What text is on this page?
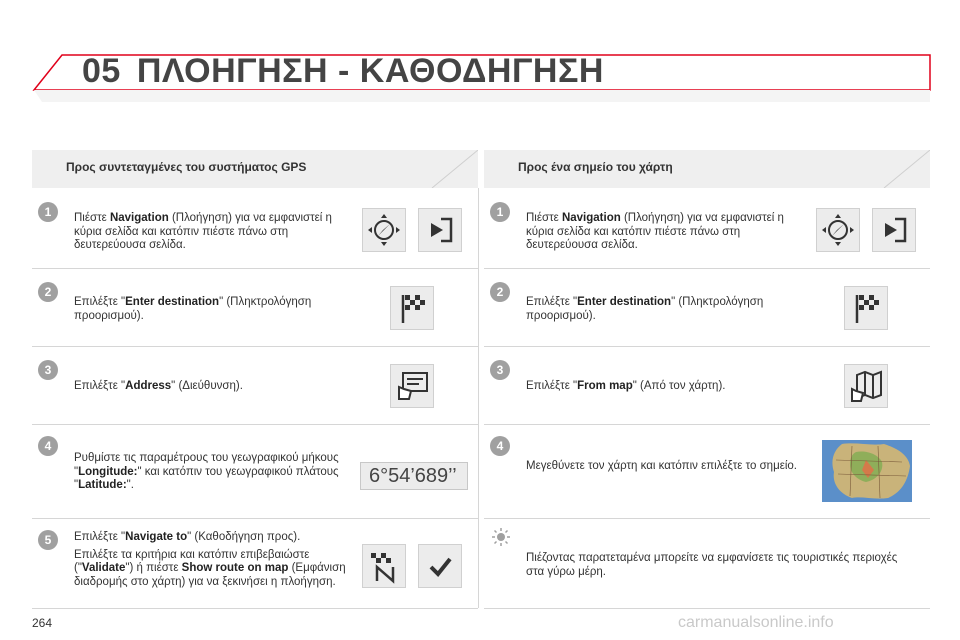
05 ΠΛΟΗΓΗΣΗ - ΚΑΘΟΔΗΓΗΣΗ
Προς συντεταγμένες του συστήματος GPS
1	Πιέστε Navigation (Πλοήγηση) για να εμφανιστεί η κύρια σελίδα και κατόπιν πιέστε πάνω στη δευτερεύουσα σελίδα.
2
Επιλέξτε "Enter destination" (Πληκτρολόγηση προορισμού).
3
Επιλέξτε "Address" (Διεύθυνση).
4
Ρυθμίστε τις παραμέτρους του γεωγραφικού μήκους "Longitude:" και κατόπιν του γεωγραφικού πλάτους "Latitude:".	6°54’689’’
5	Επιλέξτε "Navigate to" (Καθοδήγηση προς).
Επιλέξτε τα κριτήρια και κατόπιν επιβεβαιώστε ("Validate") ή πιέστε Show route on map (Εμφάνιση διαδρομής στο χάρτη) για να ξεκινήσει η πλοήγηση.
Προς ένα σημείο του χάρτη
1	Πιέστε Navigation (Πλοήγηση) για να εμφανιστεί η κύρια σελίδα και κατόπιν πιέστε πάνω στη δευτερεύουσα σελίδα.
2
Επιλέξτε "Enter destination" (Πληκτρολόγηση προορισμού).
3
Επιλέξτε "From map" (Από τον χάρτη).
4
Μεγεθύνετε τον χάρτη και κατόπιν επιλέξτε το σημείο.
Πιέζοντας παρατεταμένα μπορείτε να εμφανίσετε τις τουριστικές περιοχές στα γύρω μέρη.
264	carmanualsonline.info
